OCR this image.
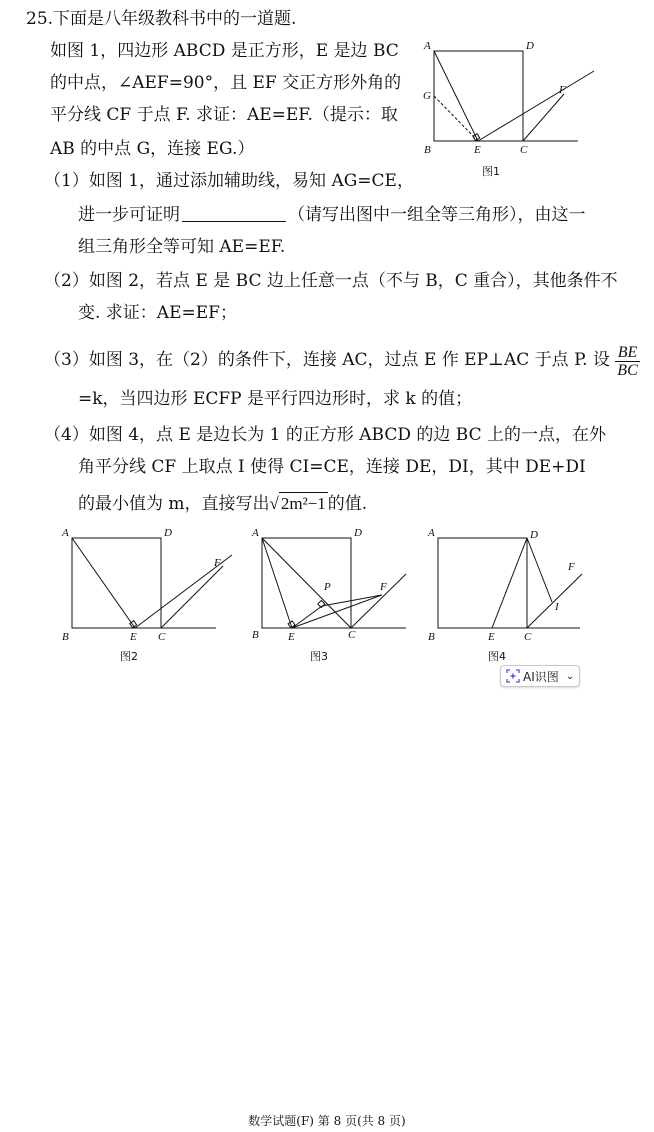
25.下面是八年级教科书中的一道题.
如图 1，四边形 ABCD 是正方形，E 是边 BC
的中点，∠AEF=90°，且 EF 交正方形外角的
平分线 CF 于点 F. 求证：AE=EF.（提示：取
AB 的中点 G，连接 EG.）
（1）如图 1，通过添加辅助线，易知 AG=CE，
进一步可证明	（请写出图中一组全等三角形），由这一
组三角形全等可知 AE=EF.
（2）如图 2，若点 E 是 BC 边上任意一点（不与 B，C 重合），其他条件不
变. 求证：AE=EF；
（3）如图 3，在（2）的条件下，连接 AC，过点 E 作 EP⊥AC 于点 P. 设 $\frac{BE}{BC}$
=k，当四边形 ECFP 是平行四边形时，求 k 的值；
（4）如图 4，点 E 是边长为 1 的正方形 ABCD 的边 BC 上的一点，在外
角平分线 CF 上取点 I 使得 CI=CE，连接 DE，DI，其中 DE+DI
的最小值为 m，直接写出√ 2m²−1 的值.
A	D
G	F
B	E	C
图1
A	D
F
B	E C
图2
A	D
P	F
B	E	C
图3
A	D
F
I
B	E	C
图4
AI识图 ⌄
数学试题(F) 第 8 页(共 8 页)
